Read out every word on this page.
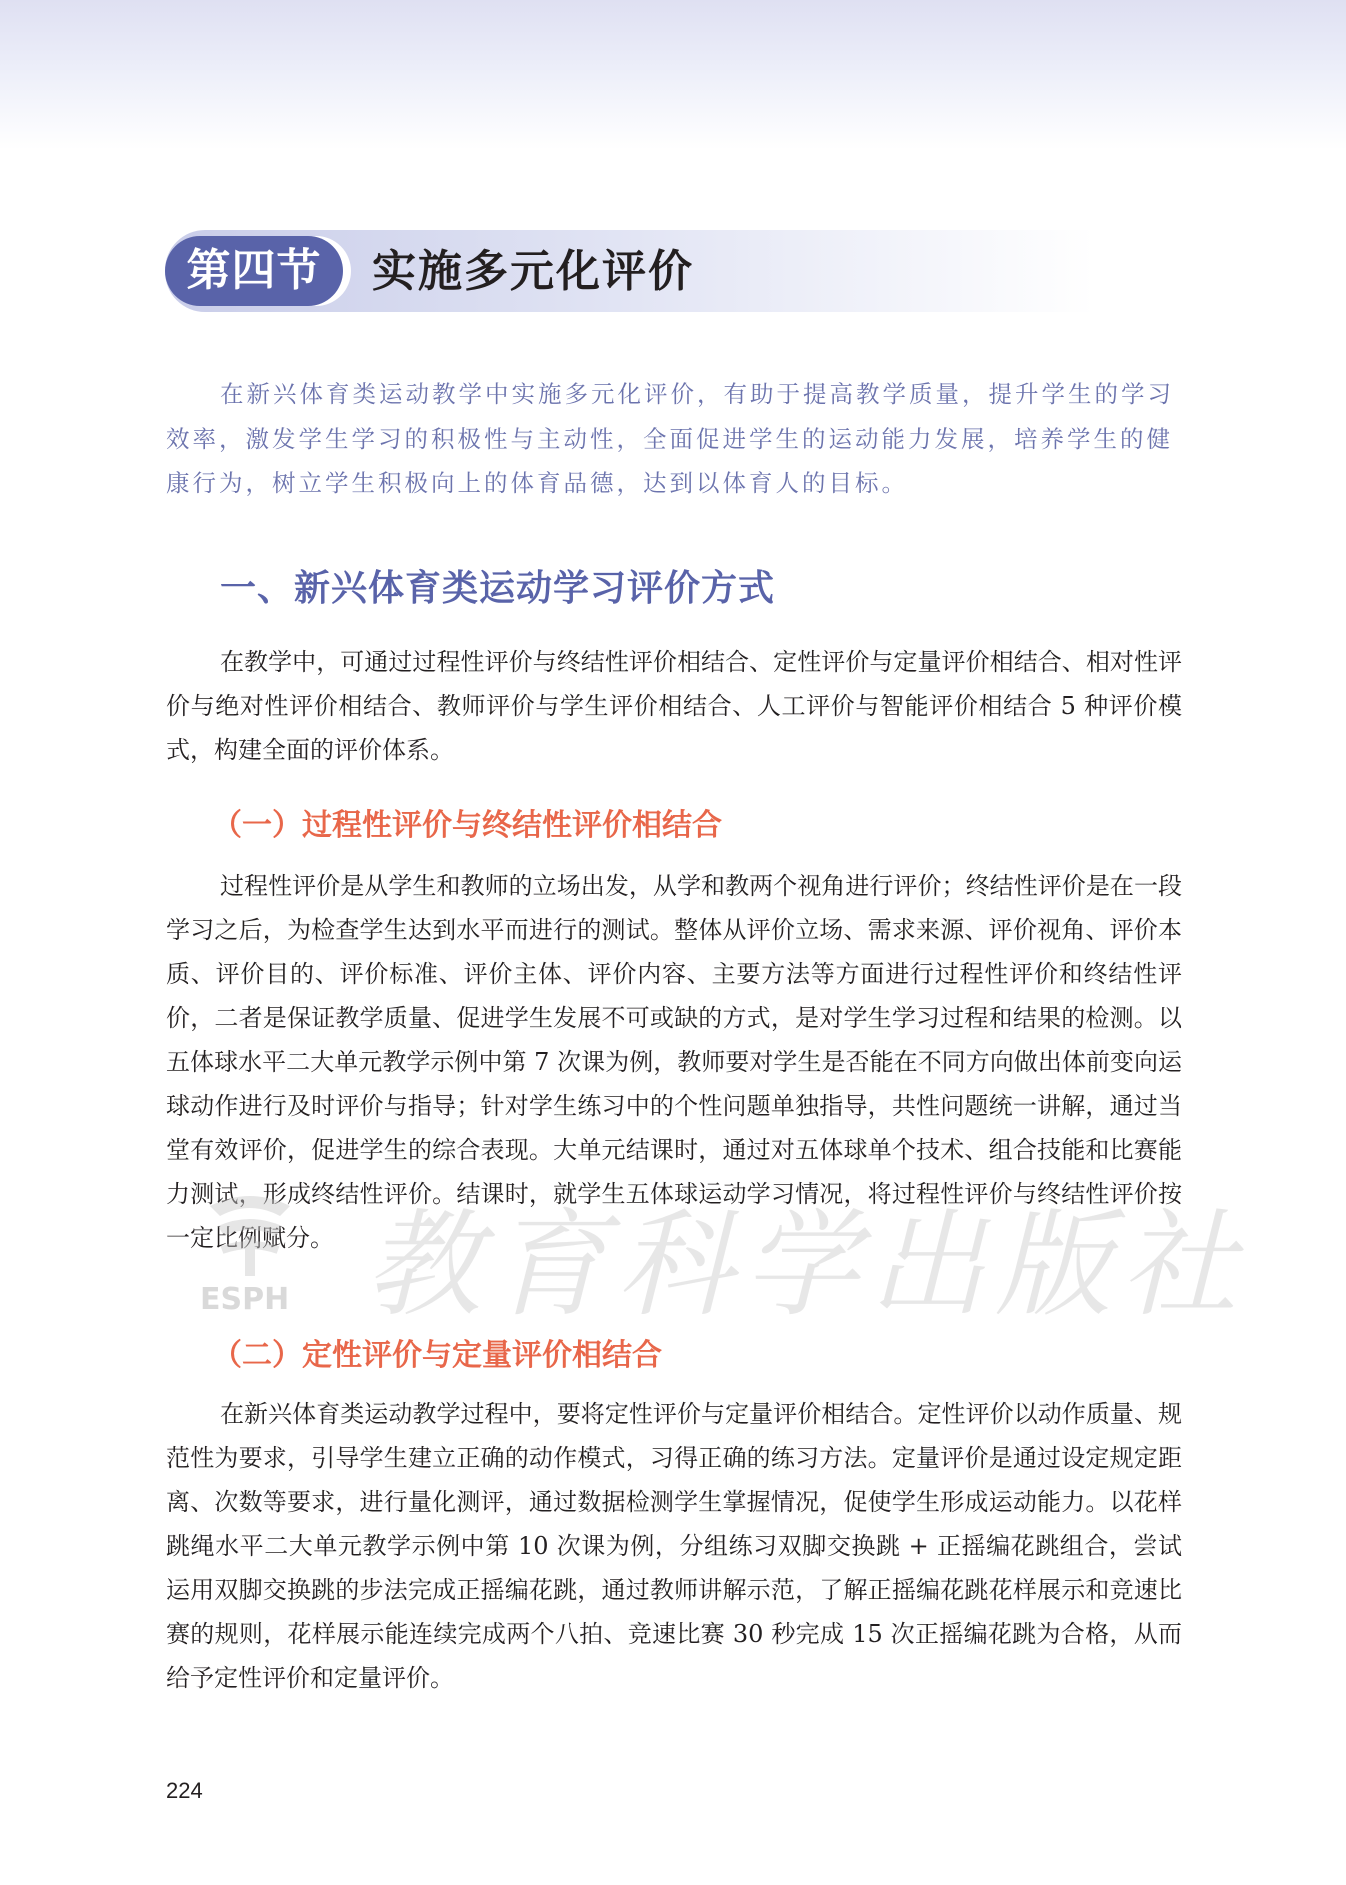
第四节	实施多元化评价

在新兴体育类运动教学中实施多元化评价，有助于提高教学质量，提升学生的学习效率，激发学生学习的积极性与主动性，全面促进学生的运动能力发展，培养学生的健康行为，树立学生积极向上的体育品德，达到以体育人的目标。

一、新兴体育类运动学习评价方式

在教学中，可通过过程性评价与终结性评价相结合、定性评价与定量评价相结合、相对性评价与绝对性评价相结合、教师评价与学生评价相结合、人工评价与智能评价相结合 5 种评价模式，构建全面的评价体系。

（一）过程性评价与终结性评价相结合

过程性评价是从学生和教师的立场出发，从学和教两个视角进行评价；终结性评价是在一段学习之后，为检查学生达到水平而进行的测试。整体从评价立场、需求来源、评价视角、评价本质、评价目的、评价标准、评价主体、评价内容、主要方法等方面进行过程性评价和终结性评价，二者是保证教学质量、促进学生发展不可或缺的方式，是对学生学习过程和结果的检测。以五体球水平二大单元教学示例中第 7 次课为例，教师要对学生是否能在不同方向做出体前变向运球动作进行及时评价与指导；针对学生练习中的个性问题单独指导，共性问题统一讲解，通过当堂有效评价，促进学生的综合表现。大单元结课时，通过对五体球单个技术、组合技能和比赛能力测试，形成终结性评价。结课时，就学生五体球运动学习情况，将过程性评价与终结性评价按一定比例赋分。

（二）定性评价与定量评价相结合

在新兴体育类运动教学过程中，要将定性评价与定量评价相结合。定性评价以动作质量、规范性为要求，引导学生建立正确的动作模式，习得正确的练习方法。定量评价是通过设定规定距离、次数等要求，进行量化测评，通过数据检测学生掌握情况，促使学生形成运动能力。以花样跳绳水平二大单元教学示例中第 10 次课为例，分组练习双脚交换跳 + 正摇编花跳组合，尝试运用双脚交换跳的步法完成正摇编花跳，通过教师讲解示范，了解正摇编花跳花样展示和竞速比赛的规则，花样展示能连续完成两个八拍、竞速比赛 30 秒完成 15 次正摇编花跳为合格，从而给予定性评价和定量评价。

教育科学出版社
ESPH
224
